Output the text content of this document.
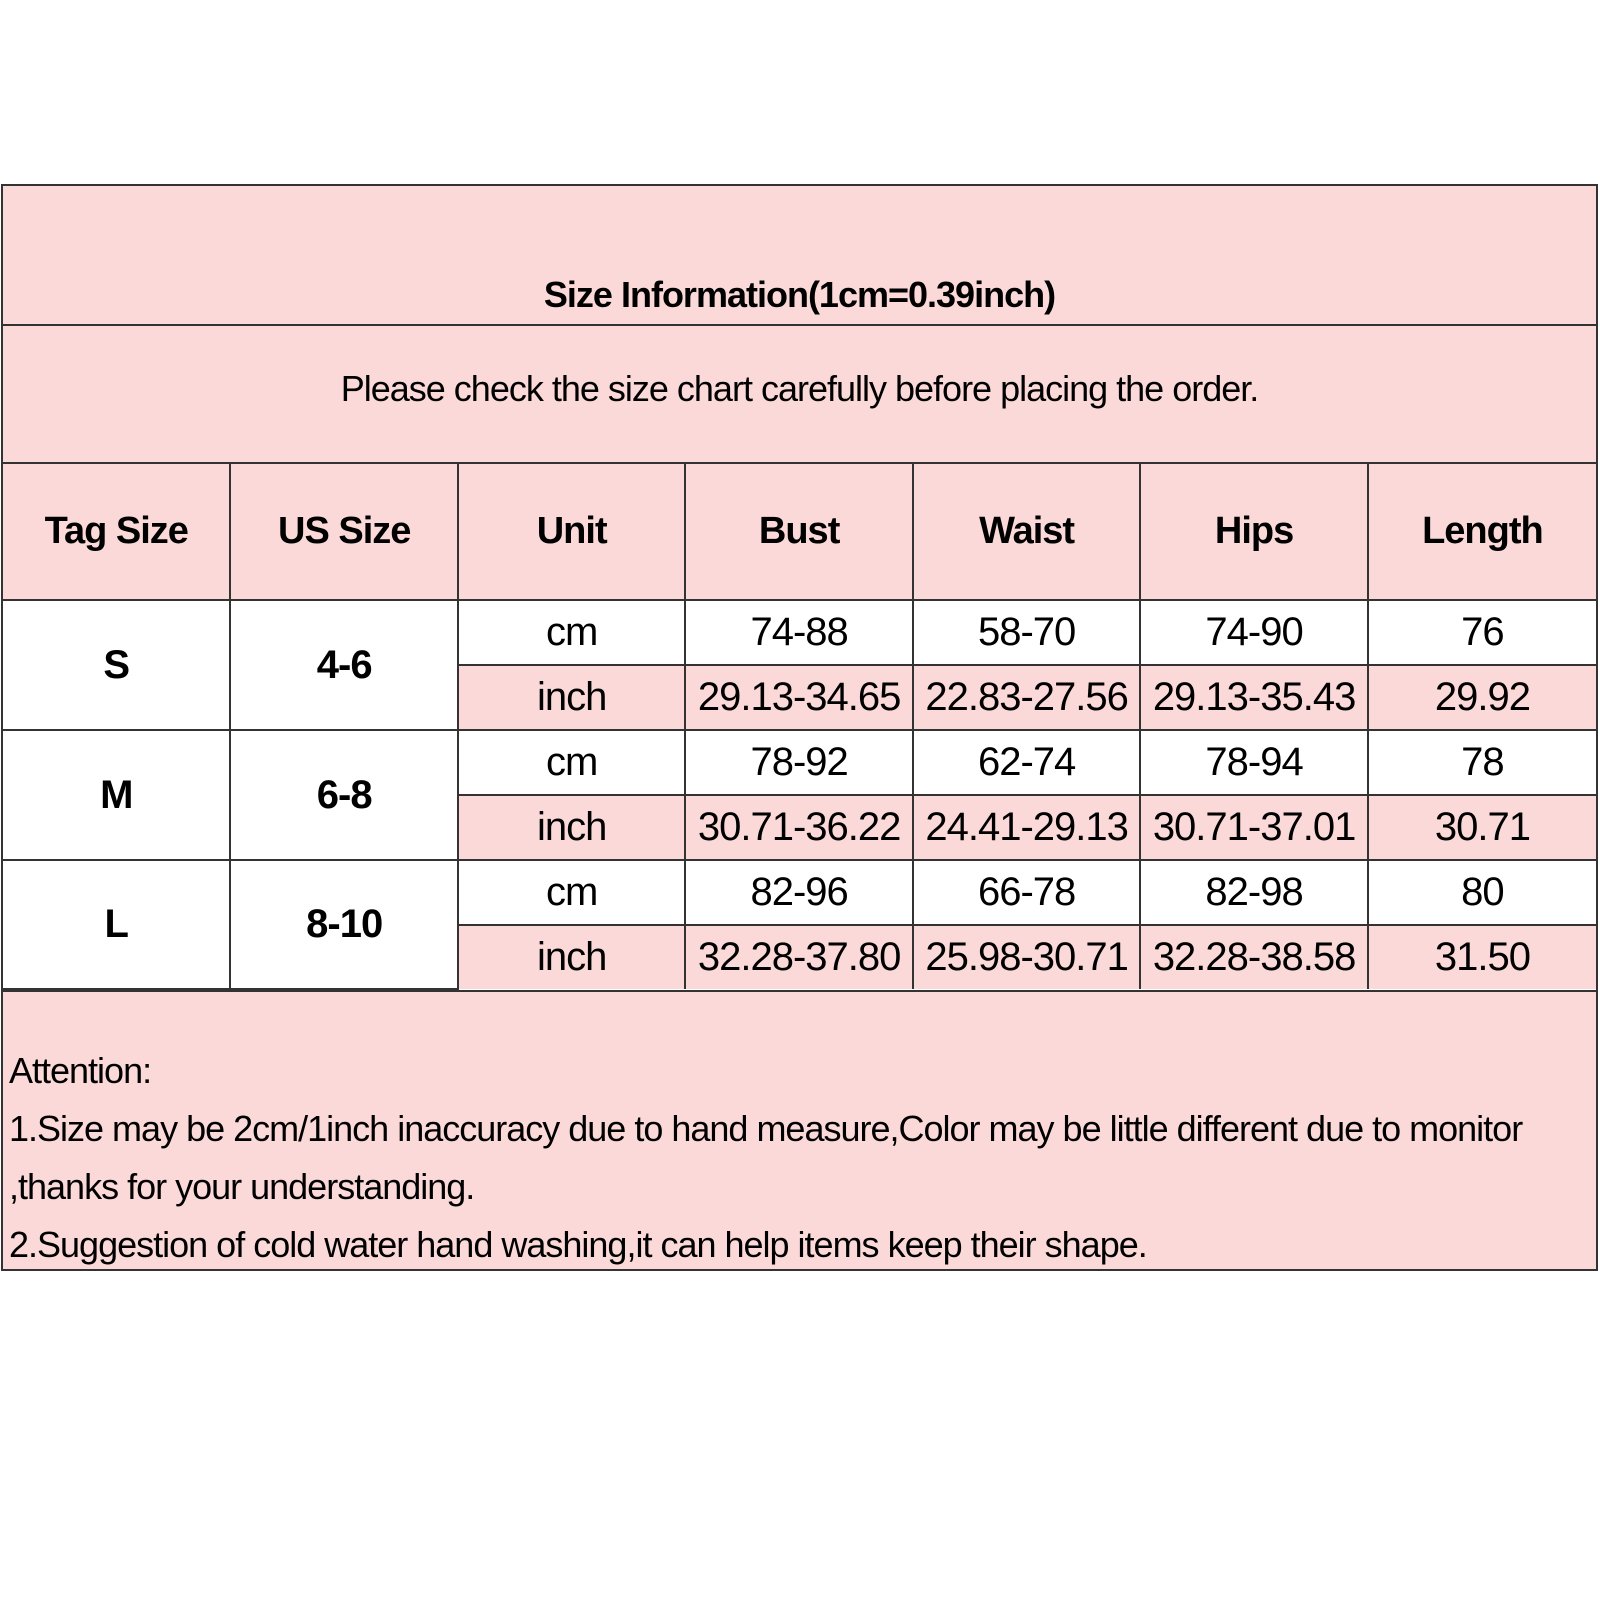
Size Information(1cm=0.39inch)
Please check the size chart carefully before placing the order.
Tag Size	US Size	Unit	Bust	Waist	Hips	Length
S	4-6	cm	74-88	58-70	74-90	76
		inch	29.13-34.65	22.83-27.56	29.13-35.43	29.92
M	6-8	cm	78-92	62-74	78-94	78
		inch	30.71-36.22	24.41-29.13	30.71-37.01	30.71
L	8-10	cm	82-96	66-78	82-98	80
		inch	32.28-37.80	25.98-30.71	32.28-38.58	31.50

Attention:

1.Size may be 2cm/1inch inaccuracy due to hand measure,Color may be little different due to monitor ,thanks for your understanding.

2.Suggestion of cold water hand washing,it can help items keep their shape.
